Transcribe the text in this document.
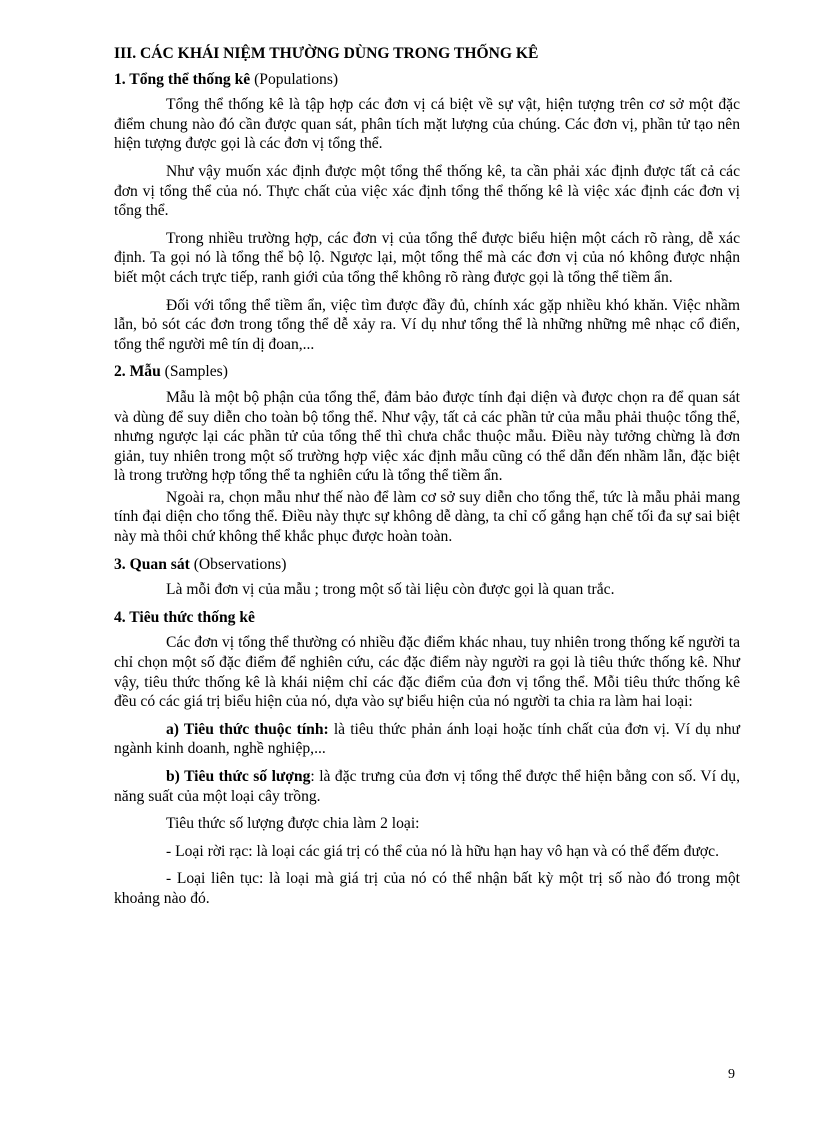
III. CÁC KHÁI NIỆM THƯỜNG DÙNG TRONG THỐNG KÊ
1. Tổng thể thống kê (Populations)

Tổng thể thống kê là tập hợp các đơn vị cá biệt về sự vật, hiện tượng trên cơ sở một đặc điểm chung nào đó cần được quan sát, phân tích mặt lượng của chúng. Các đơn vị, phần tử tạo nên hiện tượng được gọi là các đơn vị tổng thể.

Như vậy muốn xác định được một tổng thể thống kê, ta cần phải xác định được tất cả các đơn vị tổng thể của nó. Thực chất của việc xác định tổng thể thống kê là việc xác định các đơn vị tổng thể.

Trong nhiều trường hợp, các đơn vị của tổng thể được biểu hiện một cách rõ ràng, dễ xác định. Ta gọi nó là tổng thể bộ lộ. Ngược lại, một tổng thể mà các đơn vị của nó không được nhận biết một cách trực tiếp, ranh giới của tổng thể không rõ ràng được gọi là tổng thể tiềm ẩn.

Đối với tổng thể tiềm ẩn, việc tìm được đầy đủ, chính xác gặp nhiều khó khăn. Việc nhầm lẫn, bỏ sót các đơn trong tổng thể dễ xảy ra. Ví dụ như tổng thể là những những mê nhạc cổ điển, tổng thể người mê tín dị đoan,...

2. Mẫu (Samples)

Mẫu là một bộ phận của tổng thể, đảm bảo được tính đại diện và được chọn ra để quan sát và dùng để suy diễn cho toàn bộ tổng thể. Như vậy, tất cả các phần tử của mẫu phải thuộc tổng thể, nhưng ngược lại các phần tử của tổng thể thì chưa chắc thuộc mẫu. Điều này tưởng chừng là đơn giản, tuy nhiên trong một số trường hợp việc xác định mẫu cũng có thể dẫn đến nhầm lẫn, đặc biệt là trong trường hợp tổng thể ta nghiên cứu là tổng thể tiềm ẩn.

Ngoài ra, chọn mẫu như thế nào để làm cơ sở suy diễn cho tổng thể, tức là mẫu phải mang tính đại diện cho tổng thể. Điều này thực sự không dễ dàng, ta chỉ cố gắng hạn chế tối đa sự sai biệt này mà thôi chứ không thể khắc phục được hoàn toàn.

3. Quan sát (Observations)

Là mỗi đơn vị của mẫu ; trong một số tài liệu còn được gọi là quan trắc.

4. Tiêu thức thống kê

Các đơn vị tổng thể thường có nhiều đặc điểm khác nhau, tuy nhiên trong thống kế người ta chỉ chọn một số đặc điểm để nghiên cứu, các đặc điểm này người ra gọi là tiêu thức thống kê. Như vậy, tiêu thức thống kê là khái niệm chỉ các đặc điểm của đơn vị tổng thể. Mỗi tiêu thức thống kê đều có các giá trị biểu hiện của nó, dựa vào sự biểu hiện của nó người ta chia ra làm hai loại:

a) Tiêu thức thuộc tính: là tiêu thức phản ánh loại hoặc tính chất của đơn vị. Ví dụ như ngành kinh doanh, nghề nghiệp,...

b) Tiêu thức số lượng: là đặc trưng của đơn vị tổng thể được thể hiện bằng con số. Ví dụ, năng suất của một loại cây trồng.

Tiêu thức số lượng được chia làm 2 loại:

- Loại rời rạc: là loại các giá trị có thể của nó là hữu hạn hay vô hạn và có thể đếm được.

- Loại liên tục: là loại mà giá trị của nó có thể nhận bất kỳ một trị số nào đó trong một khoảng nào đó.

9
